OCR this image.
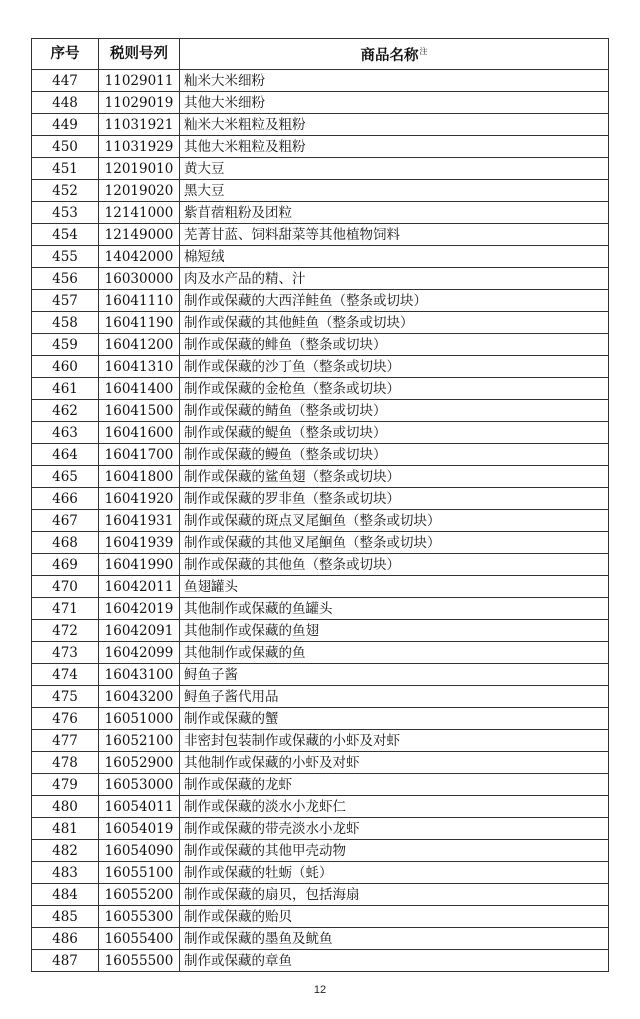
序号	税则号列	商品名称$^注$
447	11029011	籼米大米细粉
448	11029019	其他大米细粉
449	11031921	籼米大米粗粒及粗粉
450	11031929	其他大米粗粒及粗粉
451	12019010	黄大豆
452	12019020	黑大豆
453	12141000	紫苜蓿粗粉及团粒
454	12149000	芜菁甘蓝、饲料甜菜等其他植物饲料
455	14042000	棉短绒
456	16030000	肉及水产品的精、汁
457	16041110	制作或保藏的大西洋鲑鱼（整条或切块）
458	16041190	制作或保藏的其他鲑鱼（整条或切块）
459	16041200	制作或保藏的鲱鱼（整条或切块）
460	16041310	制作或保藏的沙丁鱼（整条或切块）
461	16041400	制作或保藏的金枪鱼（整条或切块）
462	16041500	制作或保藏的鲭鱼（整条或切块）
463	16041600	制作或保藏的鳀鱼（整条或切块）
464	16041700	制作或保藏的鳗鱼（整条或切块）
465	16041800	制作或保藏的鲨鱼翅（整条或切块）
466	16041920	制作或保藏的罗非鱼（整条或切块）
467	16041931	制作或保藏的斑点叉尾鮰鱼（整条或切块）
468	16041939	制作或保藏的其他叉尾鮰鱼（整条或切块）
469	16041990	制作或保藏的其他鱼（整条或切块）
470	16042011	鱼翅罐头
471	16042019	其他制作或保藏的鱼罐头
472	16042091	其他制作或保藏的鱼翅
473	16042099	其他制作或保藏的鱼
474	16043100	鲟鱼子酱
475	16043200	鲟鱼子酱代用品
476	16051000	制作或保藏的蟹
477	16052100	非密封包装制作或保藏的小虾及对虾
478	16052900	其他制作或保藏的小虾及对虾
479	16053000	制作或保藏的龙虾
480	16054011	制作或保藏的淡水小龙虾仁
481	16054019	制作或保藏的带壳淡水小龙虾
482	16054090	制作或保藏的其他甲壳动物
483	16055100	制作或保藏的牡蛎（蚝）
484	16055200	制作或保藏的扇贝，包括海扇
485	16055300	制作或保藏的贻贝
486	16055400	制作或保藏的墨鱼及鱿鱼
487	16055500	制作或保藏的章鱼
12
